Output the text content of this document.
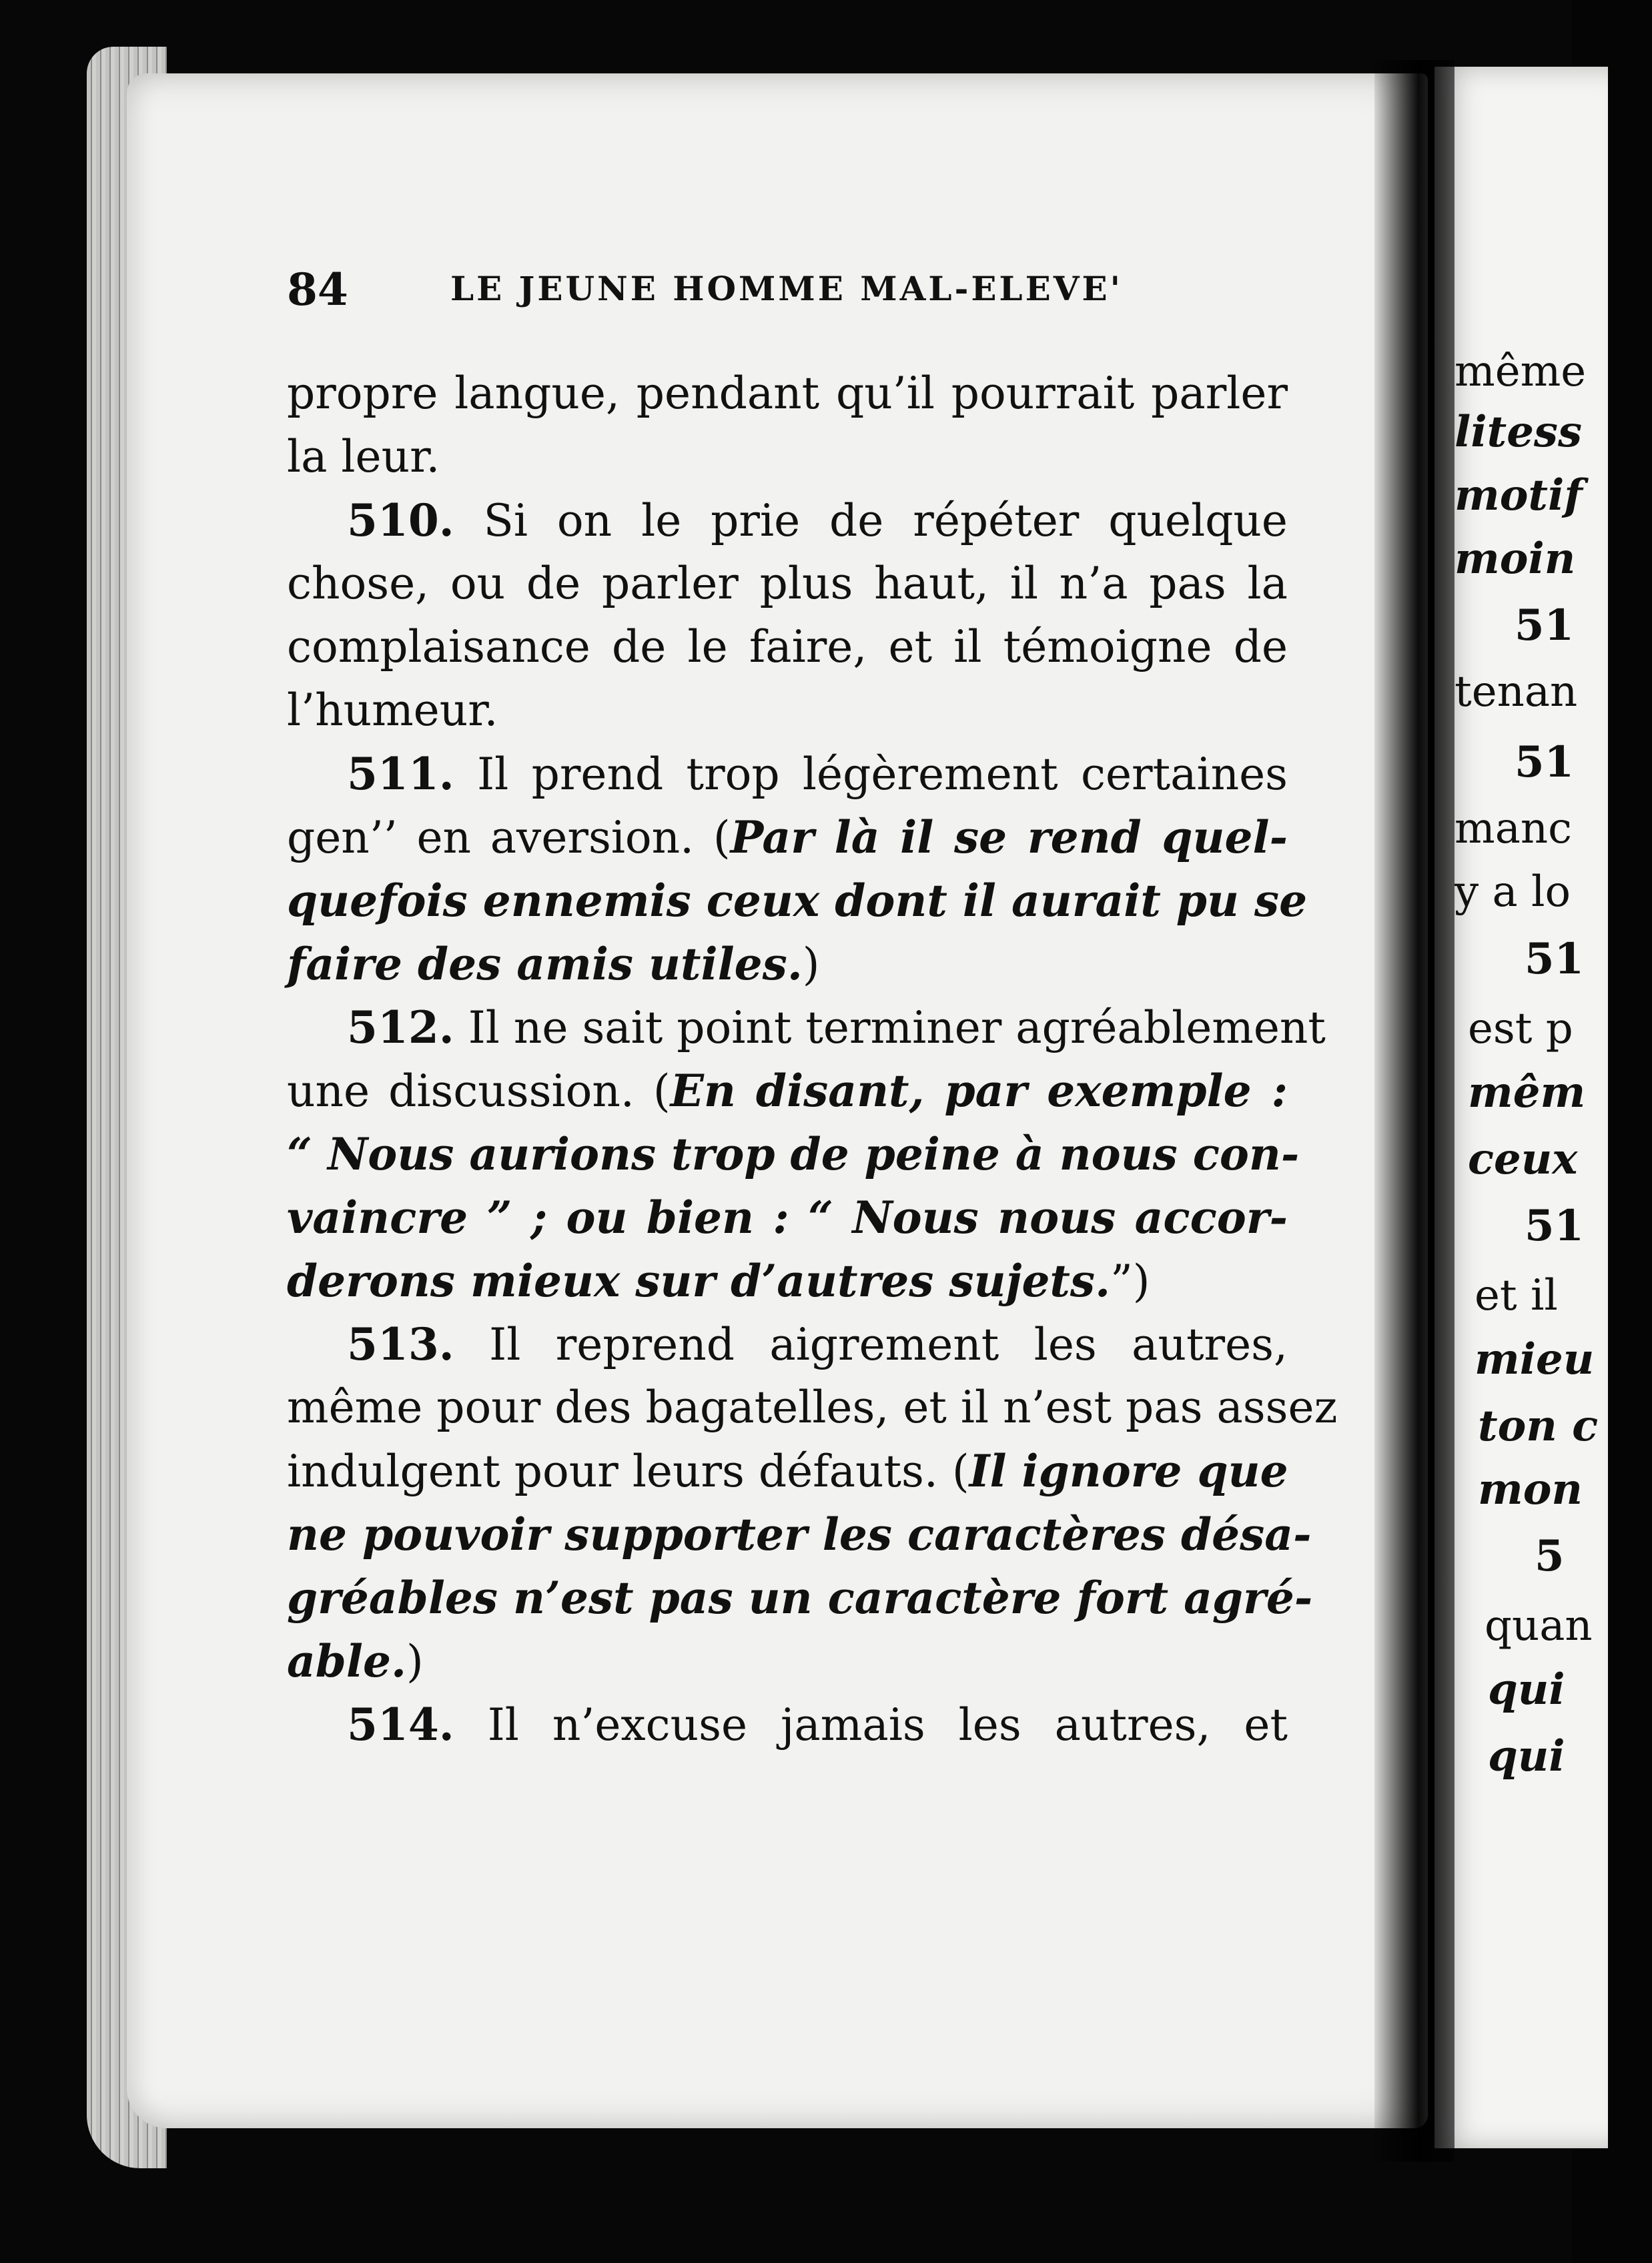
84	LE JEUNE HOMME MAL-ELEVE'
propre langue, pendant qu’il pourrait parler
la leur.
510. Si on le prie de répéter quelque
chose, ou de parler plus haut, il n’a pas la
complaisance de le faire, et il témoigne de
l’humeur.
511. Il prend trop légèrement certaines
gen’’ en aversion. (Par là il se rend quel-
quefois ennemis ceux dont il aurait pu se
faire des amis utiles.)
512. Il ne sait point terminer agréablement
une discussion. (En disant, par exemple :
“ Nous aurions trop de peine à nous con-
vaincre ” ; ou bien : “ Nous nous accor-
derons mieux sur d’autres sujets.”)
513. Il reprend aigrement les autres,
même pour des bagatelles, et il n’est pas assez
indulgent pour leurs défauts. (Il ignore que
ne pouvoir supporter les caractères désa-
gréables n’est pas un caractère fort agré-
able.)
514. Il n’excuse jamais les autres, et
même
litess
motif
moin
51
tenan
51
manc
y a lo
51
est p
mêm
ceux
51
et il
mieu
ton c
mon
5
quan
qui
qui
